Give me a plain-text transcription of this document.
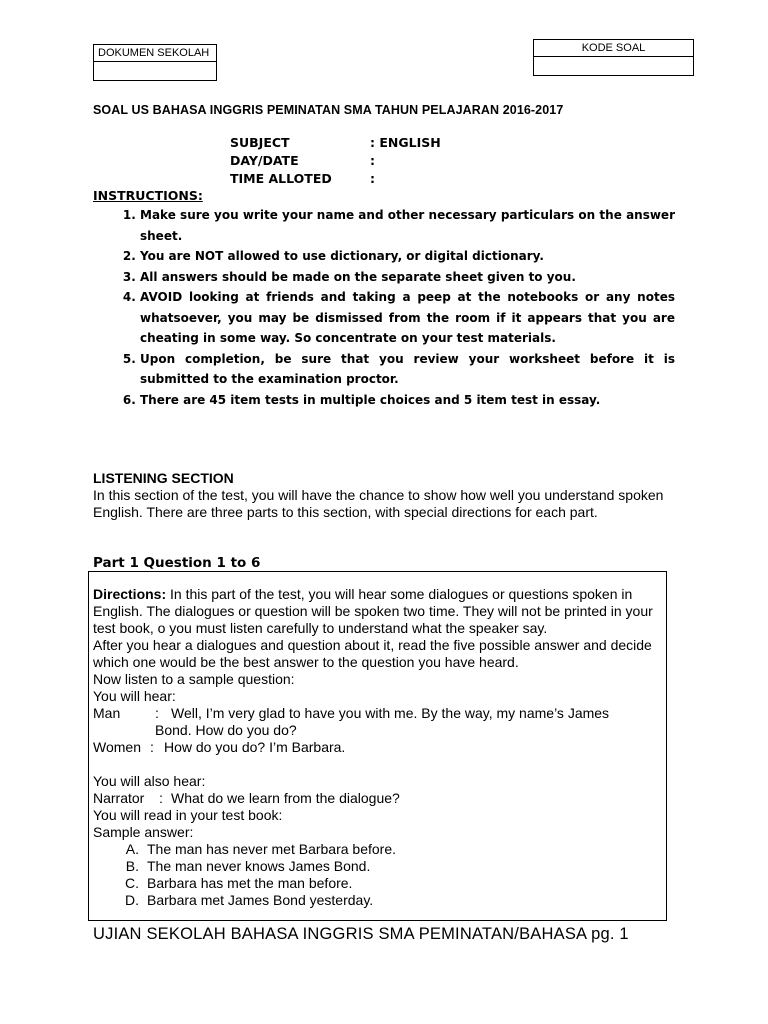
DOKUMEN SEKOLAH	KODE SOAL

SOAL US BAHASA INGGRIS PEMINATAN SMA TAHUN PELAJARAN 2016-2017
SUBJECT	: ENGLISH
DAY/DATE	:
TIME ALLOTED	:
INSTRUCTIONS:
1. Make sure you write your name and other necessary particulars on the answer sheet.
2. You are NOT allowed to use dictionary, or digital dictionary.
3. All answers should be made on the separate sheet given to you.
4. AVOID looking at friends and taking a peep at the notebooks or any notes whatsoever, you may be dismissed from the room if it appears that you are cheating in some way. So concentrate on your test materials.
5. Upon completion, be sure that you review your worksheet before it is submitted to the examination proctor.
6. There are 45 item tests in multiple choices and 5 item test in essay.
LISTENING SECTION
In this section of the test, you will have the chance to show how well you understand spoken English. There are three parts to this section, with special directions for each part.
Part 1 Question 1 to 6

Directions: In this part of the test, you will hear some dialogues or questions spoken in English. The dialogues or question will be spoken two time. They will not be printed in your test book, o you must listen carefully to understand what the speaker say.

After you hear a dialogues and question about it, read the five possible answer and decide which one would be the best answer to the question you have heard.

Now listen to a sample question:

You will hear:

Man	: Well, I’m very glad to have you with me. By the way, my name’s James

Bond. How do you do?

Women : How do you do? I’m Barbara.

You will also hear:

Narrator	: What do we learn from the dialogue?

You will read in your test book:

Sample answer:

A. The man has never met Barbara before.
B. The man never knows James Bond.
C. Barbara has met the man before.
D. Barbara met James Bond yesterday.
UJIAN SEKOLAH BAHASA INGGRIS SMA PEMINATAN/BAHASA pg. 1
